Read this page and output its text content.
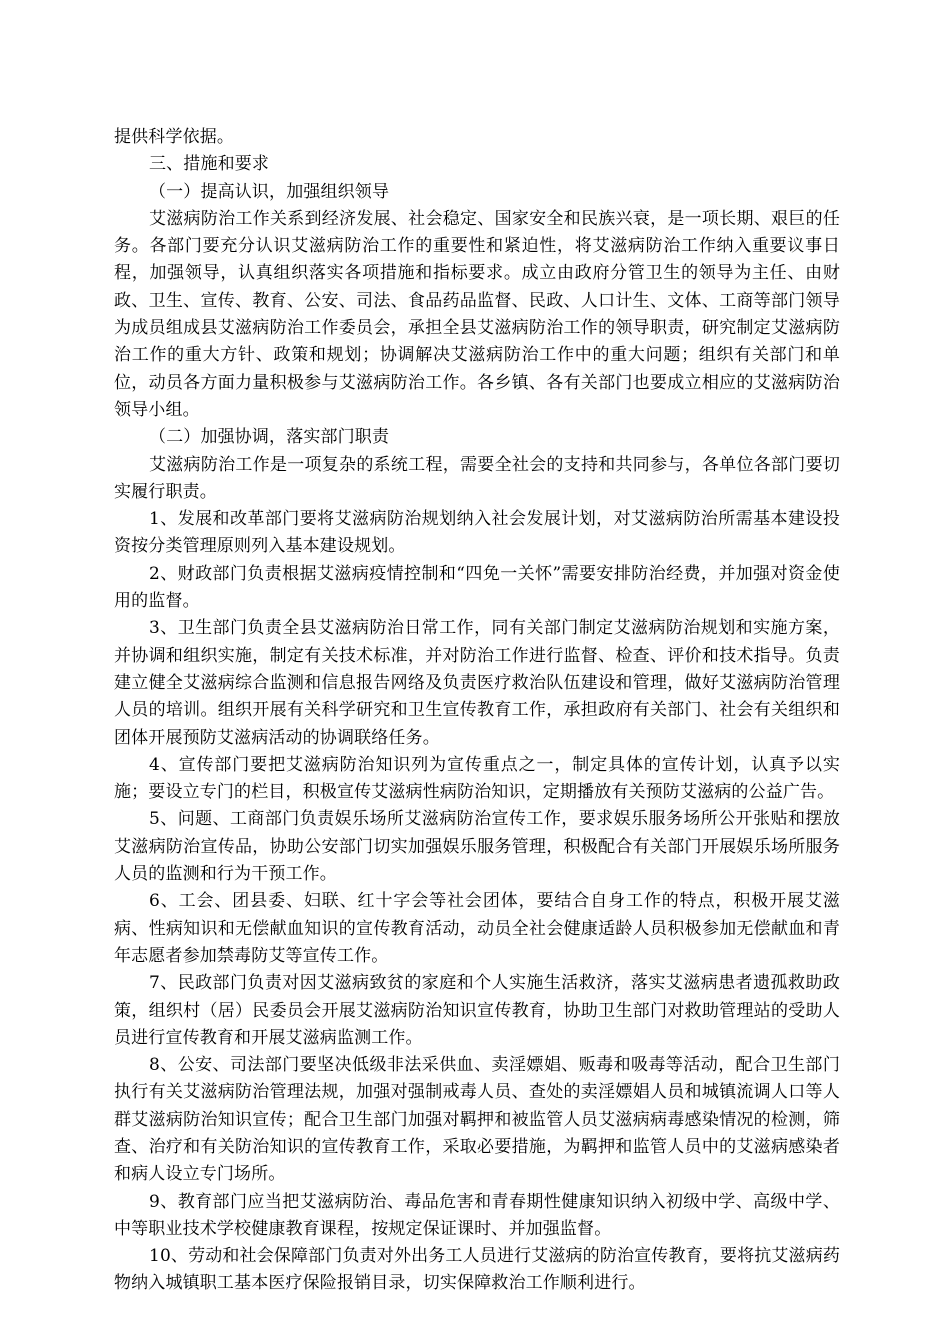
提供科学依据。

三、措施和要求

（一）提高认识，加强组织领导

艾滋病防治工作关系到经济发展、社会稳定、国家安全和民族兴衰，是一项长期、艰巨的任务。各部门要充分认识艾滋病防治工作的重要性和紧迫性，将艾滋病防治工作纳入重要议事日程，加强领导，认真组织落实各项措施和指标要求。成立由政府分管卫生的领导为主任、由财政、卫生、宣传、教育、公安、司法、食品药品监督、民政、人口计生、文体、工商等部门领导为成员组成县艾滋病防治工作委员会，承担全县艾滋病防治工作的领导职责，研究制定艾滋病防治工作的重大方针、政策和规划；协调解决艾滋病防治工作中的重大问题；组织有关部门和单位，动员各方面力量积极参与艾滋病防治工作。各乡镇、各有关部门也要成立相应的艾滋病防治领导小组。

（二）加强协调，落实部门职责

艾滋病防治工作是一项复杂的系统工程，需要全社会的支持和共同参与，各单位各部门要切实履行职责。

1、发展和改革部门要将艾滋病防治规划纳入社会发展计划，对艾滋病防治所需基本建设投资按分类管理原则列入基本建设规划。

2、财政部门负责根据艾滋病疫情控制和“四免一关怀”需要安排防治经费，并加强对资金使用的监督。

3、卫生部门负责全县艾滋病防治日常工作，同有关部门制定艾滋病防治规划和实施方案，并协调和组织实施，制定有关技术标准，并对防治工作进行监督、检查、评价和技术指导。负责建立健全艾滋病综合监测和信息报告网络及负责医疗救治队伍建设和管理，做好艾滋病防治管理人员的培训。组织开展有关科学研究和卫生宣传教育工作，承担政府有关部门、社会有关组织和团体开展预防艾滋病活动的协调联络任务。

4、宣传部门要把艾滋病防治知识列为宣传重点之一，制定具体的宣传计划，认真予以实施；要设立专门的栏目，积极宣传艾滋病性病防治知识，定期播放有关预防艾滋病的公益广告。

5、问题、工商部门负责娱乐场所艾滋病防治宣传工作，要求娱乐服务场所公开张贴和摆放艾滋病防治宣传品，协助公安部门切实加强娱乐服务管理，积极配合有关部门开展娱乐场所服务人员的监测和行为干预工作。

6、工会、团县委、妇联、红十字会等社会团体，要结合自身工作的特点，积极开展艾滋病、性病知识和无偿献血知识的宣传教育活动，动员全社会健康适龄人员积极参加无偿献血和青年志愿者参加禁毒防艾等宣传工作。

7、民政部门负责对因艾滋病致贫的家庭和个人实施生活救济，落实艾滋病患者遗孤救助政策，组织村（居）民委员会开展艾滋病防治知识宣传教育，协助卫生部门对救助管理站的受助人员进行宣传教育和开展艾滋病监测工作。

8、公安、司法部门要坚决低级非法采供血、卖淫嫖娼、贩毒和吸毒等活动，配合卫生部门执行有关艾滋病防治管理法规，加强对强制戒毒人员、查处的卖淫嫖娼人员和城镇流调人口等人群艾滋病防治知识宣传；配合卫生部门加强对羁押和被监管人员艾滋病病毒感染情况的检测，筛查、治疗和有关防治知识的宣传教育工作，采取必要措施，为羁押和监管人员中的艾滋病感染者和病人设立专门场所。

9、教育部门应当把艾滋病防治、毒品危害和青春期性健康知识纳入初级中学、高级中学、中等职业技术学校健康教育课程，按规定保证课时、并加强监督。

10、劳动和社会保障部门负责对外出务工人员进行艾滋病的防治宣传教育，要将抗艾滋病药物纳入城镇职工基本医疗保险报销目录，切实保障救治工作顺利进行。
